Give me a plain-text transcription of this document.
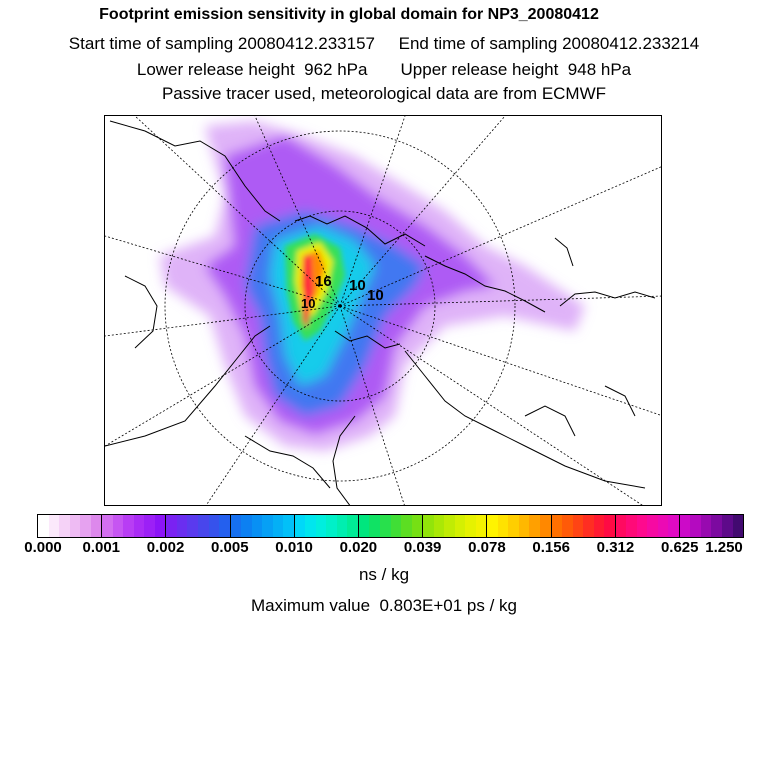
Footprint emission sensitivity in global domain for NP3_20080412
Start time of sampling 20080412.233157     End time of sampling 20080412.233214
Lower release height  962 hPa       Upper release height  948 hPa
Passive tracer used, meteorological data are from ECMWF
16 10
10
10
0.000 0.001 0.002 0.005 0.010 0.020 0.039 0.078 0.156 0.312 0.625 1.250
ns / kg
Maximum value  0.803E+01 ps / kg
